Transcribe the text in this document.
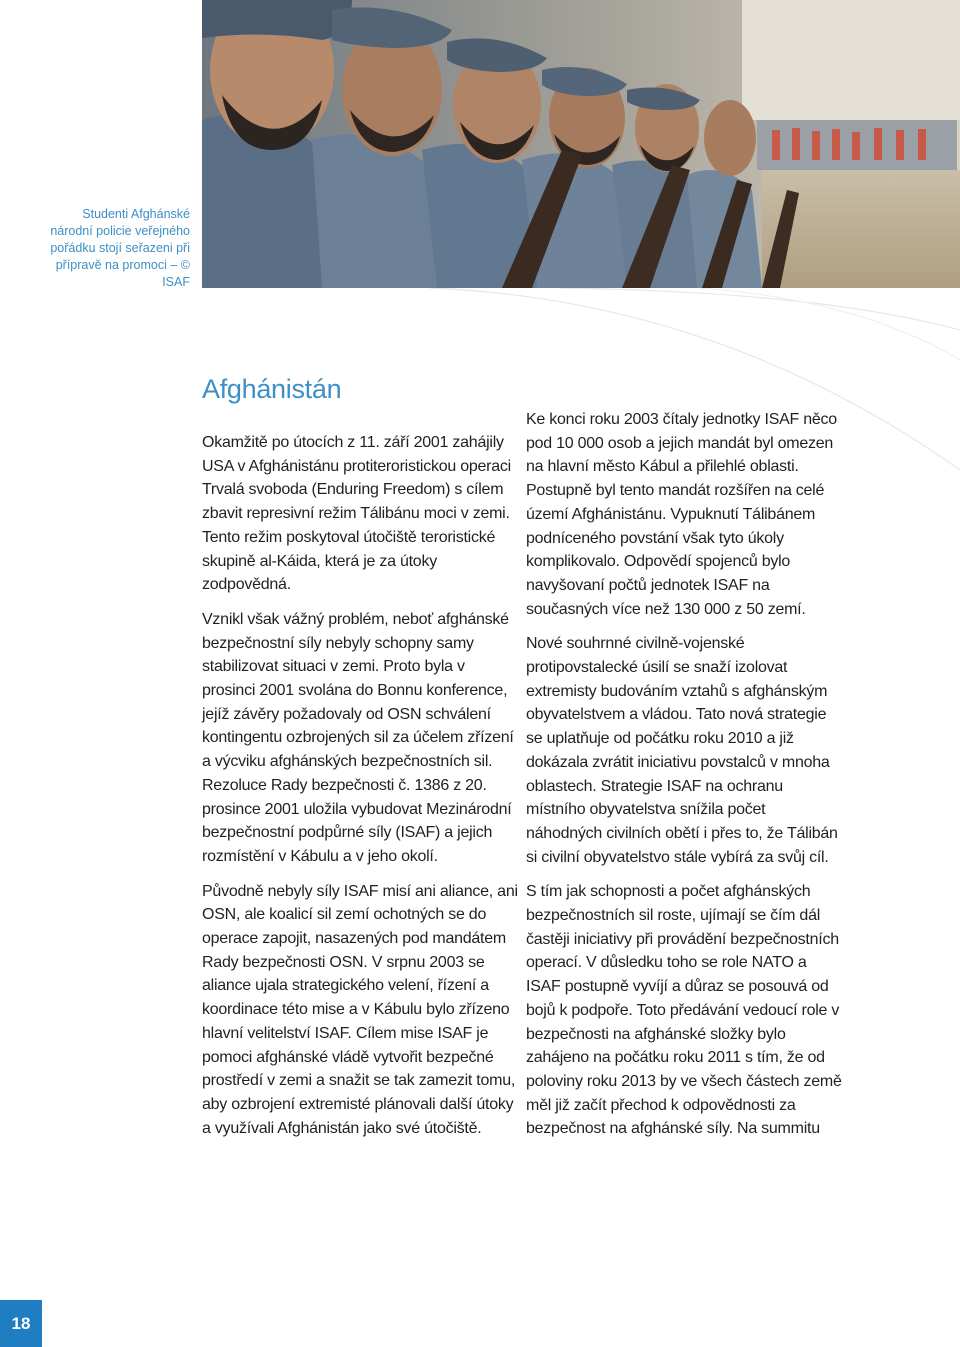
Studenti Afghánské národní policie veřejného pořádku stojí seřazeni při přípravě na promoci – © ISAF
Afghánistán

Okamžitě po útocích z 11. září 2001 zahájily USA v Afghánistánu protiteroristickou operaci Trvalá svoboda (Enduring Freedom) s cílem zbavit represivní režim Tálibánu moci v zemi. Tento režim poskytoval útočiště teroristické skupině al-Káida, která je za útoky zodpovědná.

Vznikl však vážný problém, neboť afghánské bezpečnostní síly nebyly schopny samy stabilizovat situaci v zemi. Proto byla v prosinci 2001 svolána do Bonnu konference, jejíž závěry požadovaly od OSN schválení kontingentu ozbrojených sil za účelem zřízení a výcviku afghánských bezpečnostních sil. Rezoluce Rady bezpečnosti č. 1386 z 20. prosince 2001 uložila vybudovat Mezinárodní bezpečnostní podpůrné síly (ISAF) a jejich rozmístění v Kábulu a v jeho okolí.

Původně nebyly síly ISAF misí ani aliance, ani OSN, ale koalicí sil zemí ochotných se do operace zapojit, nasazených pod mandátem Rady bezpečnosti OSN. V srpnu 2003 se aliance ujala strategického velení, řízení a koordinace této mise a v Kábulu bylo zřízeno hlavní velitelství ISAF. Cílem mise ISAF je pomoci afghánské vládě vytvořit bezpečné prostředí v zemi a snažit se tak zamezit tomu, aby ozbrojení extremisté plánovali další útoky a využívali Afghánistán jako své útočiště.

Ke konci roku 2003 čítaly jednotky ISAF něco pod 10 000 osob a jejich mandát byl omezen na hlavní město Kábul a přilehlé oblasti. Postupně byl tento mandát rozšířen na celé území Afghánistánu. Vypuknutí Tálibánem podníceného povstání však tyto úkoly komplikovalo. Odpovědí spojenců bylo navyšovaní počtů jednotek ISAF na současných více než 130 000 z 50 zemí.

Nové souhrnné civilně-vojenské protipovstalecké úsilí se snaží izolovat extremisty budováním vztahů s afghánským obyvatelstvem a vládou. Tato nová strategie se uplatňuje od počátku roku 2010 a již dokázala zvrátit iniciativu povstalců v mnoha oblastech. Strategie ISAF na ochranu místního obyvatelstva snížila počet náhodných civilních obětí i přes to, že Tálibán si civilní obyvatelstvo stále vybírá za svůj cíl.

S tím jak schopnosti a počet afghánských bezpečnostních sil roste, ujímají se čím dál častěji iniciativy při provádění bezpečnostních operací. V důsledku toho se role NATO a ISAF postupně vyvíjí a důraz se posouvá od bojů k podpoře. Toto předávání vedoucí role v bezpečnosti na afghánské složky bylo zahájeno na počátku roku 2011 s tím, že od poloviny roku 2013 by ve všech částech země měl již začít přechod k odpovědnosti za bezpečnost na afghánské síly. Na summitu

18
